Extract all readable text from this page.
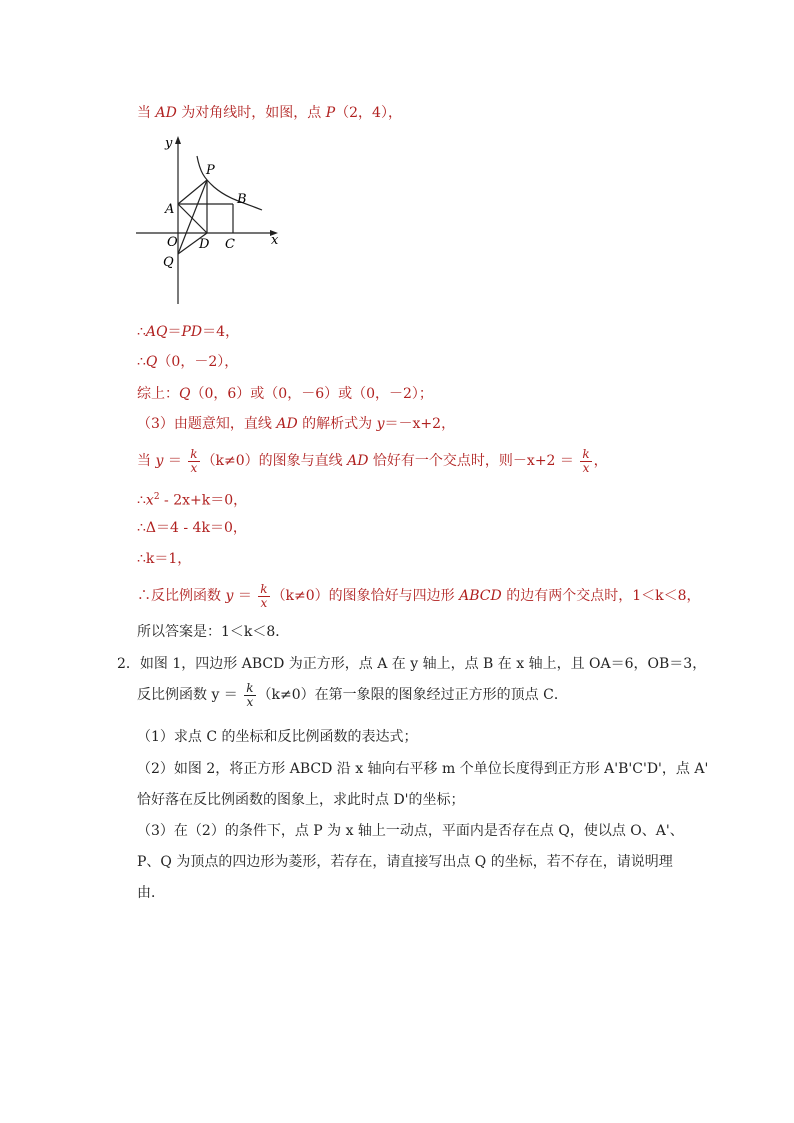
当 AD 为对角线时，如图，点 P（2，4），
y
x
P
A
B
O D C
Q
∴AQ＝PD＝4，
∴Q（0，－2），
综上：Q（0，6）或（0，－6）或（0，－2）；
（3）由题意知，直线 AD 的解析式为 y＝－x+2，
当 $y = \frac{k}{x} (k\ne 0)$的图象与直线 AD 恰好有一个交点时，则$-x+2 = \frac{k}{x}$ ，
$\therefore x^2 - 2x+k=0$，
∴Δ＝4 - 4k＝0，
∴k＝1，
∴反比例函数 $y = \frac{k}{x} (k\ne 0)$的图象恰好与四边形 ABCD 的边有两个交点时，1＜k＜8，
所以答案是：1＜k＜8．
2．如图 1，四边形 ABCD 为正方形，点 A 在 y 轴上，点 B 在 x 轴上，且 OA＝6，OB＝3，
反比例函数 $y = \frac{k}{x} (k\ne 0)$在第一象限的图象经过正方形的顶点 C．
（1）求点 C 的坐标和反比例函数的表达式；
（2）如图 2，将正方形 ABCD 沿 x 轴向右平移 m 个单位长度得到正方形 A'B'C'D'，点 A'
恰好落在反比例函数的图象上，求此时点 D'的坐标；
（3）在（2）的条件下，点 P 为 x 轴上一动点，平面内是否存在点 Q，使以点 O、A'、
P、Q 为顶点的四边形为菱形，若存在，请直接写出点 Q 的坐标，若不存在，请说明理
由．
